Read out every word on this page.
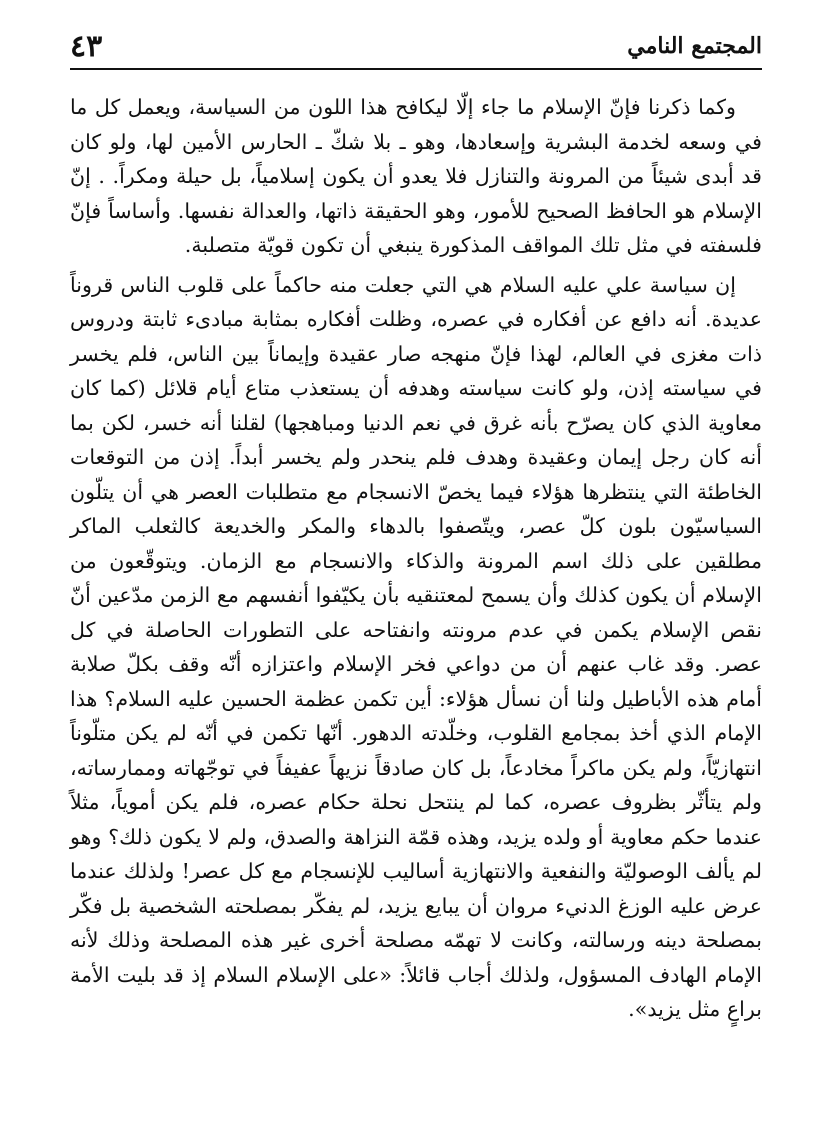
المجتمع النامي
٤٣

وكما ذكرنا فإنّ الإسلام ما جاء إلّا ليكافح هذا اللون من السياسة، ويعمل كل ما في وسعه لخدمة البشرية وإسعادها، وهو ـ بلا شكّ ـ الحارس الأمين لها، ولو كان قد أبدى شيئاً من المرونة والتنازل فلا يعدو أن يكون إسلامياً، بل حيلة ومكراً. . إنّ الإسلام هو الحافظ الصحيح للأمور، وهو الحقيقة ذاتها، والعدالة نفسها. وأساساً فإنّ فلسفته في مثل تلك المواقف المذكورة ينبغي أن تكون قويّة متصلبة.

إن سياسة علي عليه السلام هي التي جعلت منه حاكماً على قلوب الناس قروناً عديدة. أنه دافع عن أفكاره في عصره، وظلت أفكاره بمثابة مبادىء ثابتة ودروس ذات مغزى في العالم، لهذا فإنّ منهجه صار عقيدة وإيماناً بين الناس، فلم يخسر في سياسته إذن، ولو كانت سياسته وهدفه أن يستعذب متاع أيام قلائل (كما كان معاوية الذي كان يصرّح بأنه غرق في نعم الدنيا ومباهجها) لقلنا أنه خسر، لكن بما أنه كان رجل إيمان وعقيدة وهدف فلم ينحدر ولم يخسر أبداً. إذن من التوقعات الخاطئة التي ينتظرها هؤلاء فيما يخصّ الانسجام مع متطلبات العصر هي أن يتلّون السياسيّون بلون كلّ عصر، ويتّصفوا بالدهاء والمكر والخديعة كالثعلب الماكر مطلقين على ذلك اسم المرونة والذكاء والانسجام مع الزمان. ويتوقّعون من الإسلام أن يكون كذلك وأن يسمح لمعتنقيه بأن يكيّفوا أنفسهم مع الزمن مدّعين أنّ نقص الإسلام يكمن في عدم مرونته وانفتاحه على التطورات الحاصلة في كل عصر. وقد غاب عنهم أن من دواعي فخر الإسلام واعتزازه أنّه وقف بكلّ صلابة أمام هذه الأباطيل ولنا أن نسأل هؤلاء: أين تكمن عظمة الحسين عليه السلام؟ هذا الإمام الذي أخذ بمجامع القلوب، وخلّدته الدهور. أنّها تكمن في أنّه لم يكن متلّوناً انتهازيّاً، ولم يكن ماكراً مخادعاً، بل كان صادقاً نزيهاً عفيفاً في توجّهاته وممارساته، ولم يتأثّر بظروف عصره، كما لم ينتحل نحلة حكام عصره، فلم يكن أموياً، مثلاً عندما حكم معاوية أو ولده يزيد، وهذه قمّة النزاهة والصدق، ولم لا يكون ذلك؟ وهو لم يألف الوصوليّة والنفعية والانتهازية أساليب للإنسجام مع كل عصر! ولذلك عندما عرض عليه الوزغ الدنيء مروان أن يبايع يزيد، لم يفكّر بمصلحته الشخصية بل فكّر بمصلحة دينه ورسالته، وكانت لا تهمّه مصلحة أخرى غير هذه المصلحة وذلك لأنه الإمام الهادف المسؤول، ولذلك أجاب قائلاً: «على الإسلام السلام إذ قد بليت الأمة براعٍ مثل يزيد».
